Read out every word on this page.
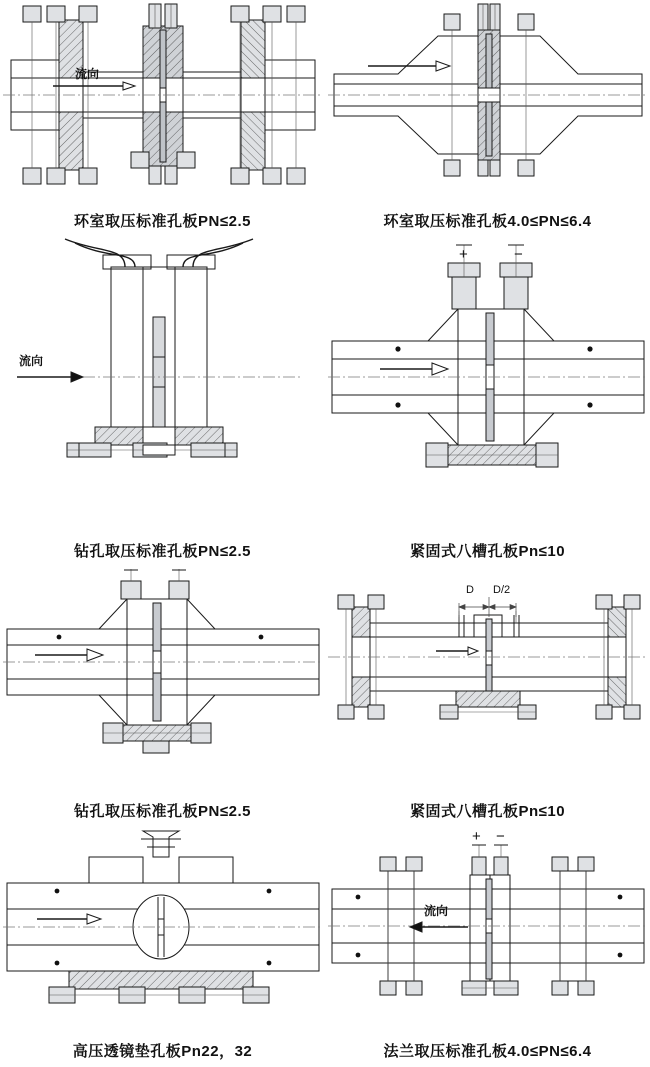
流向
环室取压标准孔板PN≤2.5	环室取压标准孔板4.0≤PN≤6.4
流向
钻孔取压标准孔板PN≤2.5
+	−
紧固式八槽孔板Pn≤10
钻孔取压标准孔板PN≤2.5
D D/2
紧固式八槽孔板Pn≤10
高压透镜垫孔板Pn22，32
+ −
流向
法兰取压标准孔板4.0≤PN≤6.4
